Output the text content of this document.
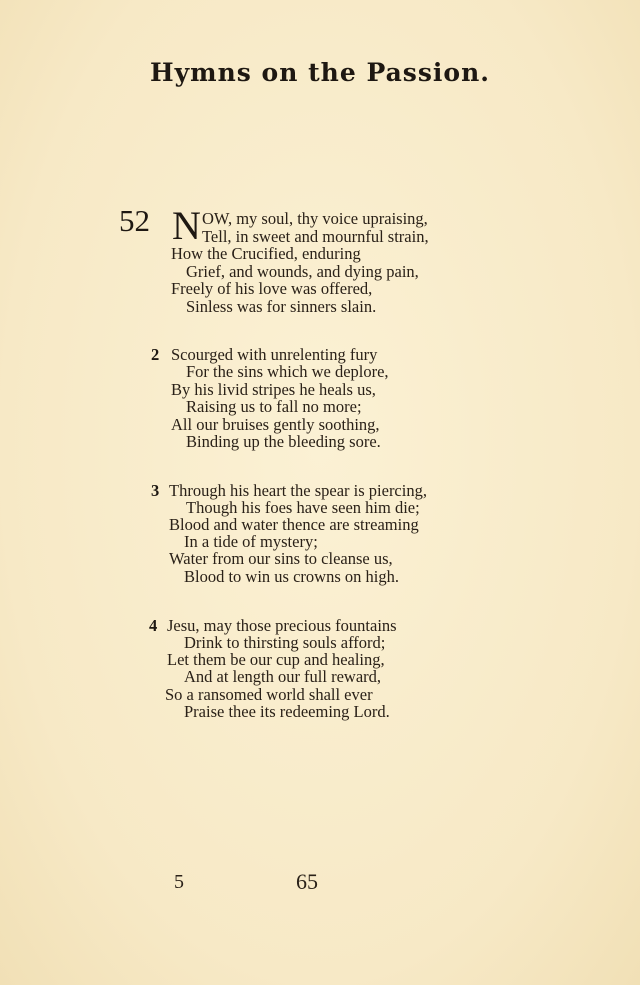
Hymns on the Passion.
52 N OW, my soul, thy voice upraising,
Tell, in sweet and mournful strain,
How the Crucified, enduring
Grief, and wounds, and dying pain,
Freely of his love was offered,
Sinless was for sinners slain.
2 Scourged with unrelenting fury
For the sins which we deplore,
By his livid stripes he heals us,
Raising us to fall no more;
All our bruises gently soothing,
Binding up the bleeding sore.
3 Through his heart the spear is piercing,
Though his foes have seen him die;
Blood and water thence are streaming
In a tide of mystery;
Water from our sins to cleanse us,
Blood to win us crowns on high.
4 Jesu, may those precious fountains
Drink to thirsting souls afford;
Let them be our cup and healing,
And at length our full reward,
So a ransomed world shall ever
Praise thee its redeeming Lord.
5	65
